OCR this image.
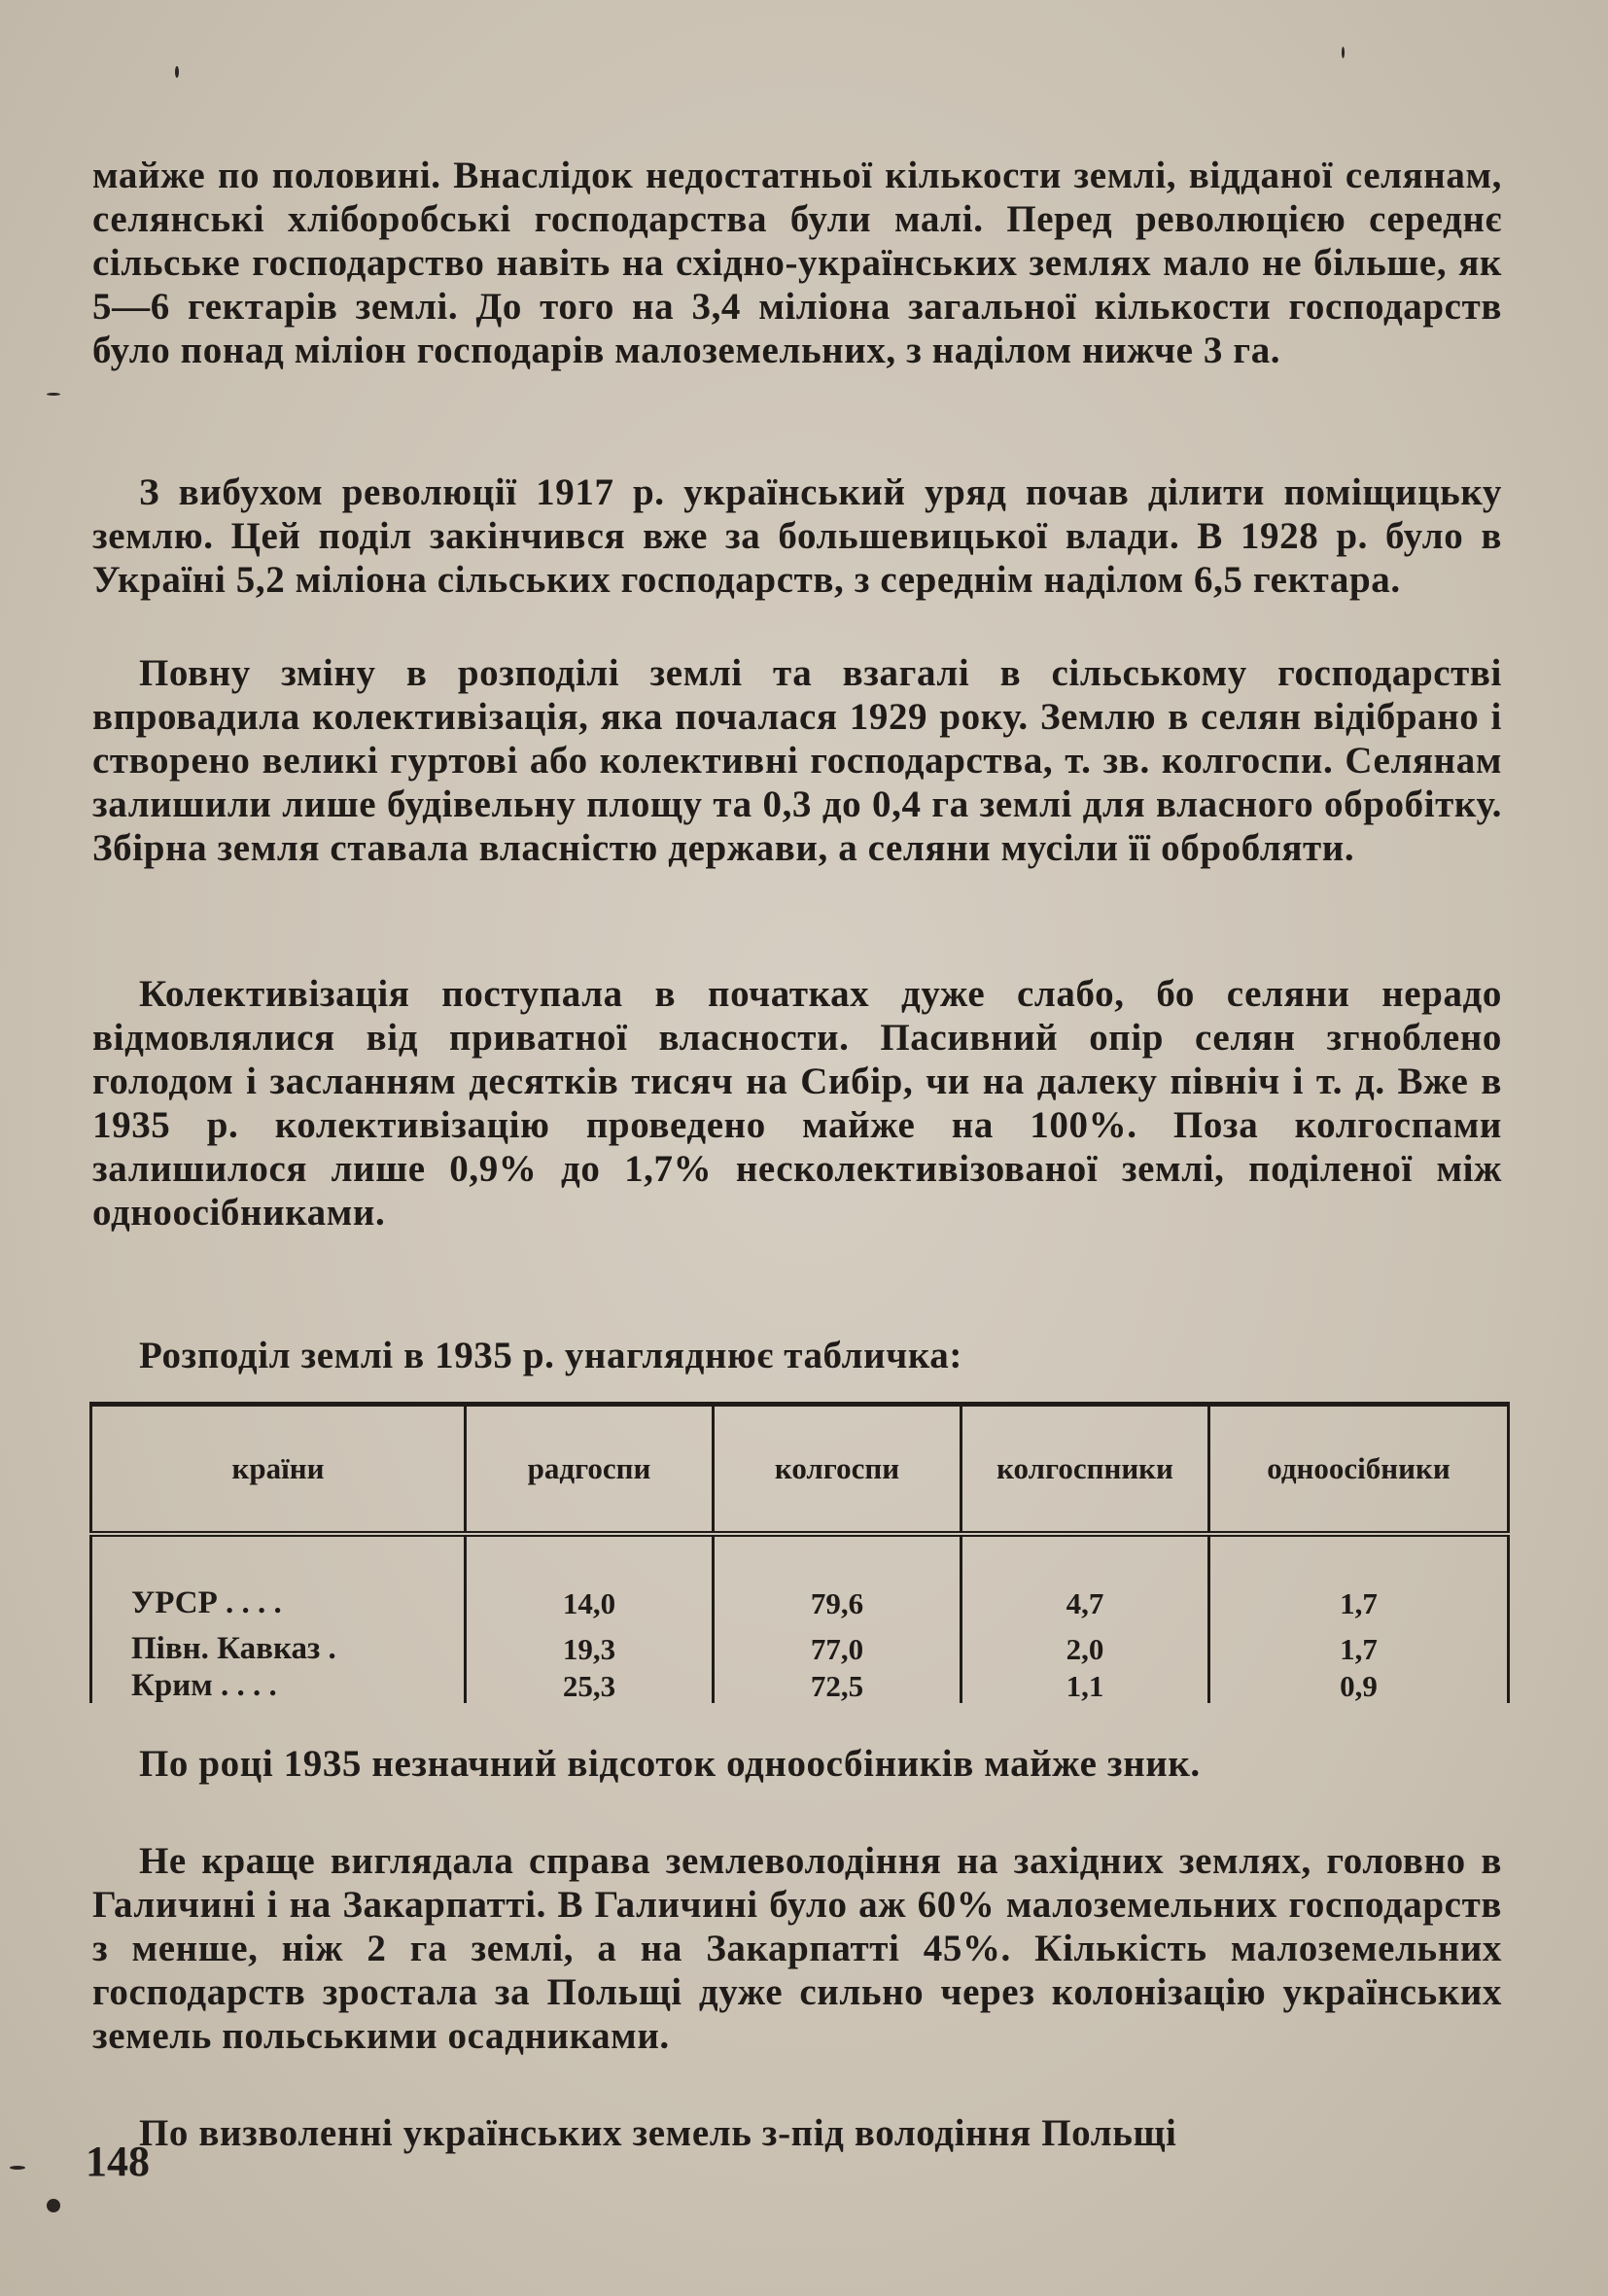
майже по половині. Внаслідок недостатньої кількости землі, відданої селянам, селянські хліборобські господарства були малі. Перед революцією середнє сільське господарство навіть на східно-українських землях мало не більше, як 5—6 гектарів землі. До того на 3,4 міліона загальної кількости господарств було понад міліон господарів малоземельних, з наділом нижче 3 га.
З вибухом революції 1917 р. український уряд почав ділити поміщицьку землю. Цей поділ закінчився вже за большевицької влади. В 1928 р. було в Україні 5,2 міліона сільських господарств, з середнім наділом 6,5 гектара.
Повну зміну в розподілі землі та взагалі в сільському господарстві впровадила колективізація, яка почалася 1929 року. Землю в селян відібрано і створено великі гуртові або колективні господарства, т. зв. колгоспи. Селянам залишили лише будівельну площу та 0,3 до 0,4 га землі для власного обробітку. Збірна земля ставала власністю держави, а селяни мусіли її обробляти.
Колективізація поступала в початках дуже слабо, бо селяни нерадо відмовлялися від приватної власности. Пасивний опір селян згноблено голодом і засланням десятків тисяч на Сибір, чи на далеку північ і т. д. Вже в 1935 р. колективізацію проведено майже на 100%. Поза колгоспами залишилося лише 0,9% до 1,7% несколективізованої землі, поділеної між одноосібниками.
Розподіл землі в 1935 р. унагляднює табличка:
країни	радгоспи	колгоспи	колгоспники	одноосібники
УРСР . . . .	14,0	79,6	4,7	1,7
Півн. Кавказ .	19,3	77,0	2,0	1,7
Крим . . . .	25,3	72,5	1,1	0,9
По році 1935 незначний відсоток одноосбіників майже зник.
Не краще виглядала справа землеволодіння на західних землях, головно в Галичині і на Закарпатті. В Галичині було аж 60% малоземельних господарств з менше, ніж 2 га землі, а на Закарпатті 45%. Кількість малоземельних господарств зростала за Польщі дуже сильно через колонізацію українських земель польськими осадниками.
По визволенні українських земель з-під володіння Польщі
148
